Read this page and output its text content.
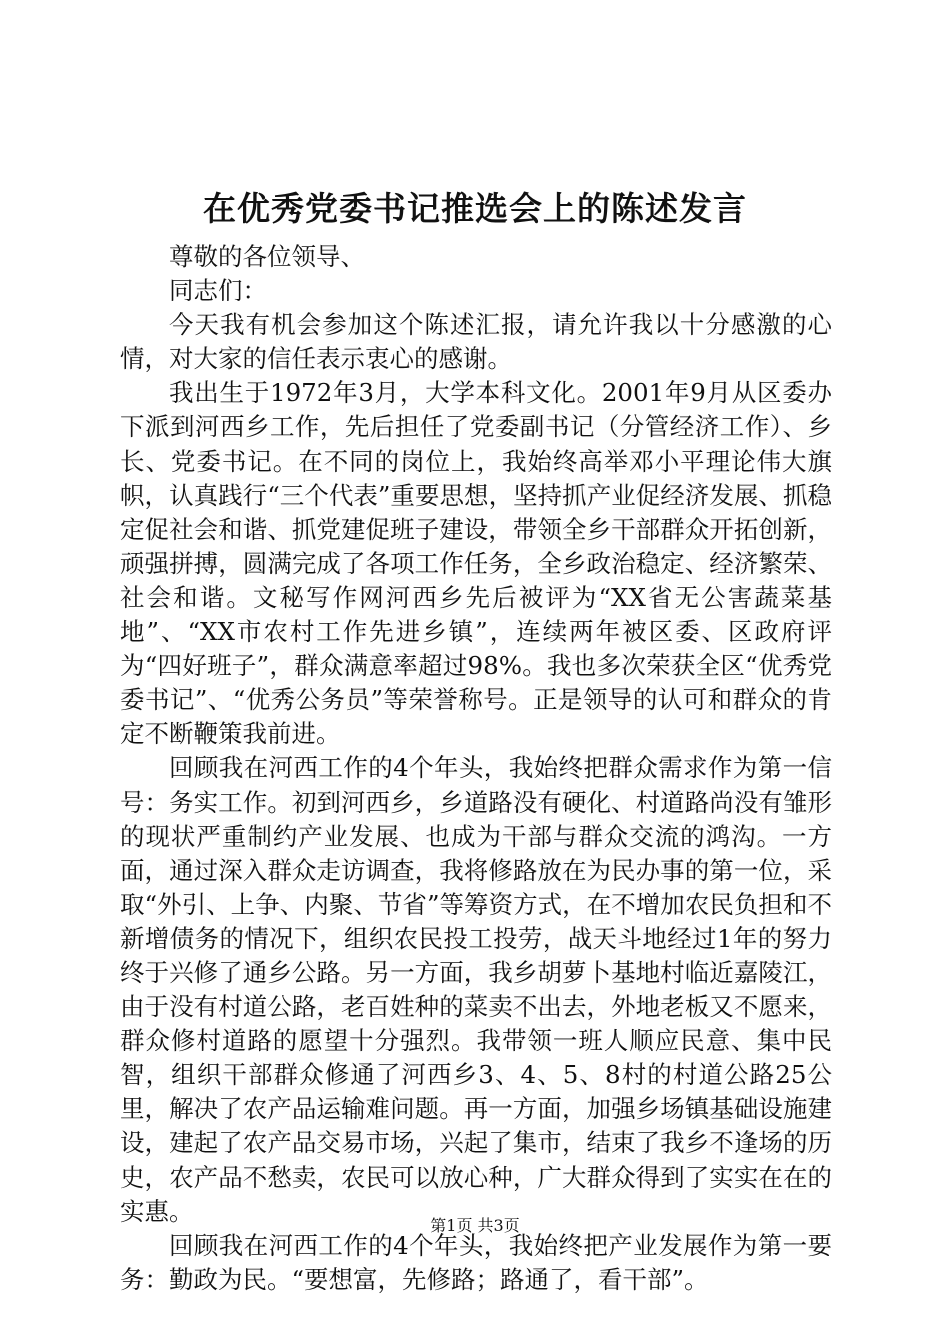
在优秀党委书记推选会上的陈述发言

尊敬的各位领导、

同志们：

今天我有机会参加这个陈述汇报，请允许我以十分感激的心情，对大家的信任表示衷心的感谢。

我出生于1972年3月，大学本科文化。2001年9月从区委办下派到河西乡工作，先后担任了党委副书记（分管经济工作）、乡长、党委书记。在不同的岗位上，我始终高举邓小平理论伟大旗帜，认真践行“三个代表”重要思想，坚持抓产业促经济发展、抓稳定促社会和谐、抓党建促班子建设，带领全乡干部群众开拓创新，顽强拼搏，圆满完成了各项工作任务，全乡政治稳定、经济繁荣、社会和谐。文秘写作网河西乡先后被评为“XX省无公害蔬菜基地”、“XX市农村工作先进乡镇”，连续两年被区委、区政府评为“四好班子”，群众满意率超过98%。我也多次荣获全区“优秀党委书记”、“优秀公务员”等荣誉称号。正是领导的认可和群众的肯定不断鞭策我前进。

回顾我在河西工作的4个年头，我始终把群众需求作为第一信号：务实工作。初到河西乡，乡道路没有硬化、村道路尚没有雏形的现状严重制约产业发展、也成为干部与群众交流的鸿沟。一方面，通过深入群众走访调查，我将修路放在为民办事的第一位，采取“外引、上争、内聚、节省”等筹资方式，在不增加农民负担和不新增债务的情况下，组织农民投工投劳，战天斗地经过1年的努力终于兴修了通乡公路。另一方面，我乡胡萝卜基地村临近嘉陵江，由于没有村道公路，老百姓种的菜卖不出去，外地老板又不愿来，群众修村道路的愿望十分强烈。我带领一班人顺应民意、集中民智，组织干部群众修通了河西乡3、4、5、8村的村道公路25公里，解决了农产品运输难问题。再一方面，加强乡场镇基础设施建设，建起了农产品交易市场，兴起了集市，结束了我乡不逢场的历史，农产品不愁卖，农民可以放心种，广大群众得到了实实在在的实惠。

回顾我在河西工作的4个年头，我始终把产业发展作为第一要务：勤政为民。“要想富，先修路；路通了，看干部”。

第1页 共3页
